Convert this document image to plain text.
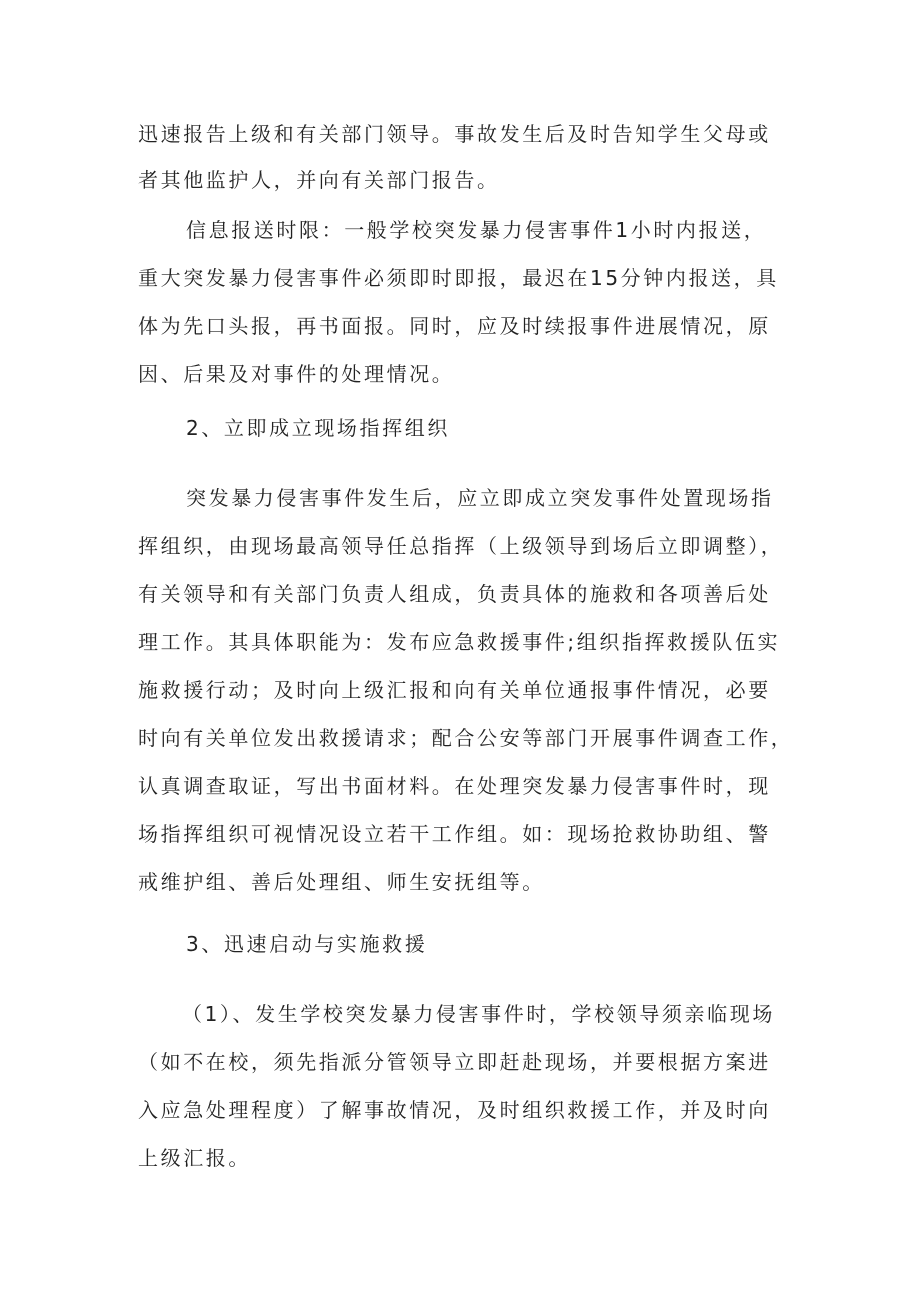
迅速报告上级和有关部门领导。事故发生后及时告知学生父母或
者其他监护人，并向有关部门报告。
信息报送时限：一般学校突发暴力侵害事件1小时内报送，
重大突发暴力侵害事件必须即时即报，最迟在15分钟内报送，具
体为先口头报，再书面报。同时，应及时续报事件进展情况，原
因、后果及对事件的处理情况。
2、立即成立现场指挥组织
突发暴力侵害事件发生后，应立即成立突发事件处置现场指
挥组织，由现场最高领导任总指挥（上级领导到场后立即调整），
有关领导和有关部门负责人组成，负责具体的施救和各项善后处
理工作。其具体职能为：发布应急救援事件;组织指挥救援队伍实
施救援行动；及时向上级汇报和向有关单位通报事件情况，必要
时向有关单位发出救援请求；配合公安等部门开展事件调查工作，
认真调查取证，写出书面材料。在处理突发暴力侵害事件时，现
场指挥组织可视情况设立若干工作组。如：现场抢救协助组、警
戒维护组、善后处理组、师生安抚组等。
3、迅速启动与实施救援
（1）、发生学校突发暴力侵害事件时，学校领导须亲临现场
（如不在校，须先指派分管领导立即赶赴现场，并要根据方案进
入应急处理程度）了解事故情况，及时组织救援工作，并及时向
上级汇报。
